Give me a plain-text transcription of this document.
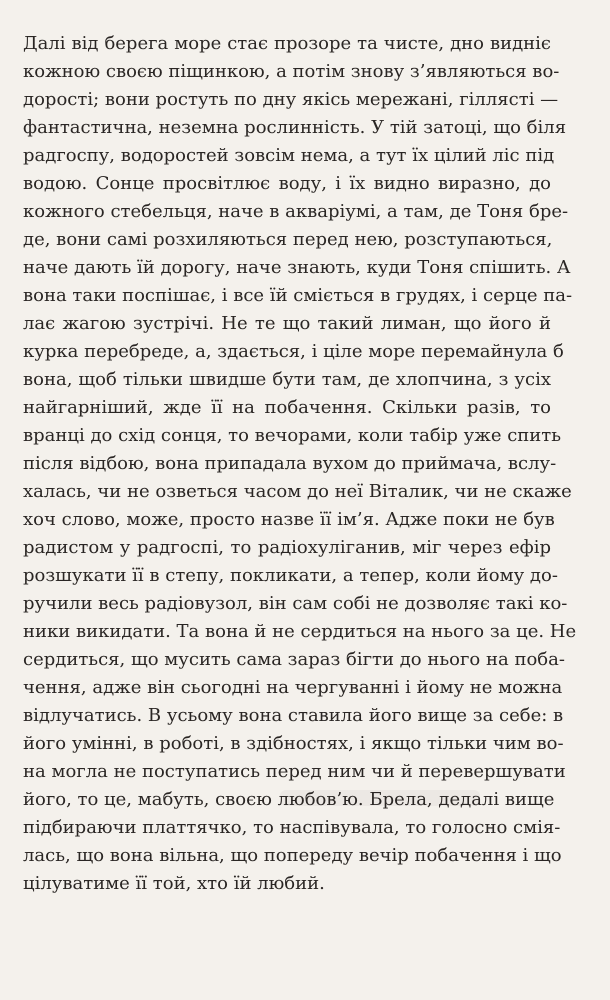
Далі від берега море стає прозоре та чисте, дно виднiє
кожною своєю піщинкою, а потім знову з’являються во-
дорості; вони ростуть по дну якісь мережані, гіллясті —
фантастична, неземна рослинність. У тій затоці, що біля
радгоспу, водоростей зовсім нема, а тут їх цілий ліс під
водою. Сонце просвітлює воду, і їх видно виразно, до
кожного стебельця, наче в акваріумі, а там, де Тоня бре-
де, вони самі розхиляються перед нею, розступаються,
наче дають їй дорогу, наче знають, куди Тоня спішить. А
вона таки поспішає, і все їй сміється в грудях, і серце па-
лає жагою зустрічі. Не те що такий лиман, що його й
курка перебреде, а, здається, і ціле море перемайнула б
вона, щоб тільки швидше бути там, де хлопчина, з усіх
найгарніший, жде її на побачення. Скільки разів, то
вранці до схід сонця, то вечорами, коли табір уже спить
після відбою, вона припадала вухом до приймача, вслу-
халась, чи не озветься часом до неї Віталик, чи не скаже
хоч слово, може, просто назве її ім’я. Адже поки не був
радистом у радгоспі, то радіохуліганив, міг через ефір
розшукати її в степу, покликати, а тепер, коли йому до-
ручили весь радіовузол, він сам собі не дозволяє такі ко-
ники викидати. Та вона й не сердиться на нього за це. Не
сердиться, що мусить сама зараз бігти до нього на поба-
чення, адже він сьогодні на чергуванні і йому не можна
відлучатись. В усьому вона ставила його вище за себе: в
його умінні, в роботі, в здібностях, і якщо тільки чим во-
на могла не поступатись перед ним чи й перевершувати
його, то це, мабуть, своєю любов’ю. Брела, дедалі вище
підбираючи платтячко, то наспівувала, то голосно смія-
лась, що вона вільна, що попереду вечір побачення і що
цілуватиме її той, хто їй любий.
